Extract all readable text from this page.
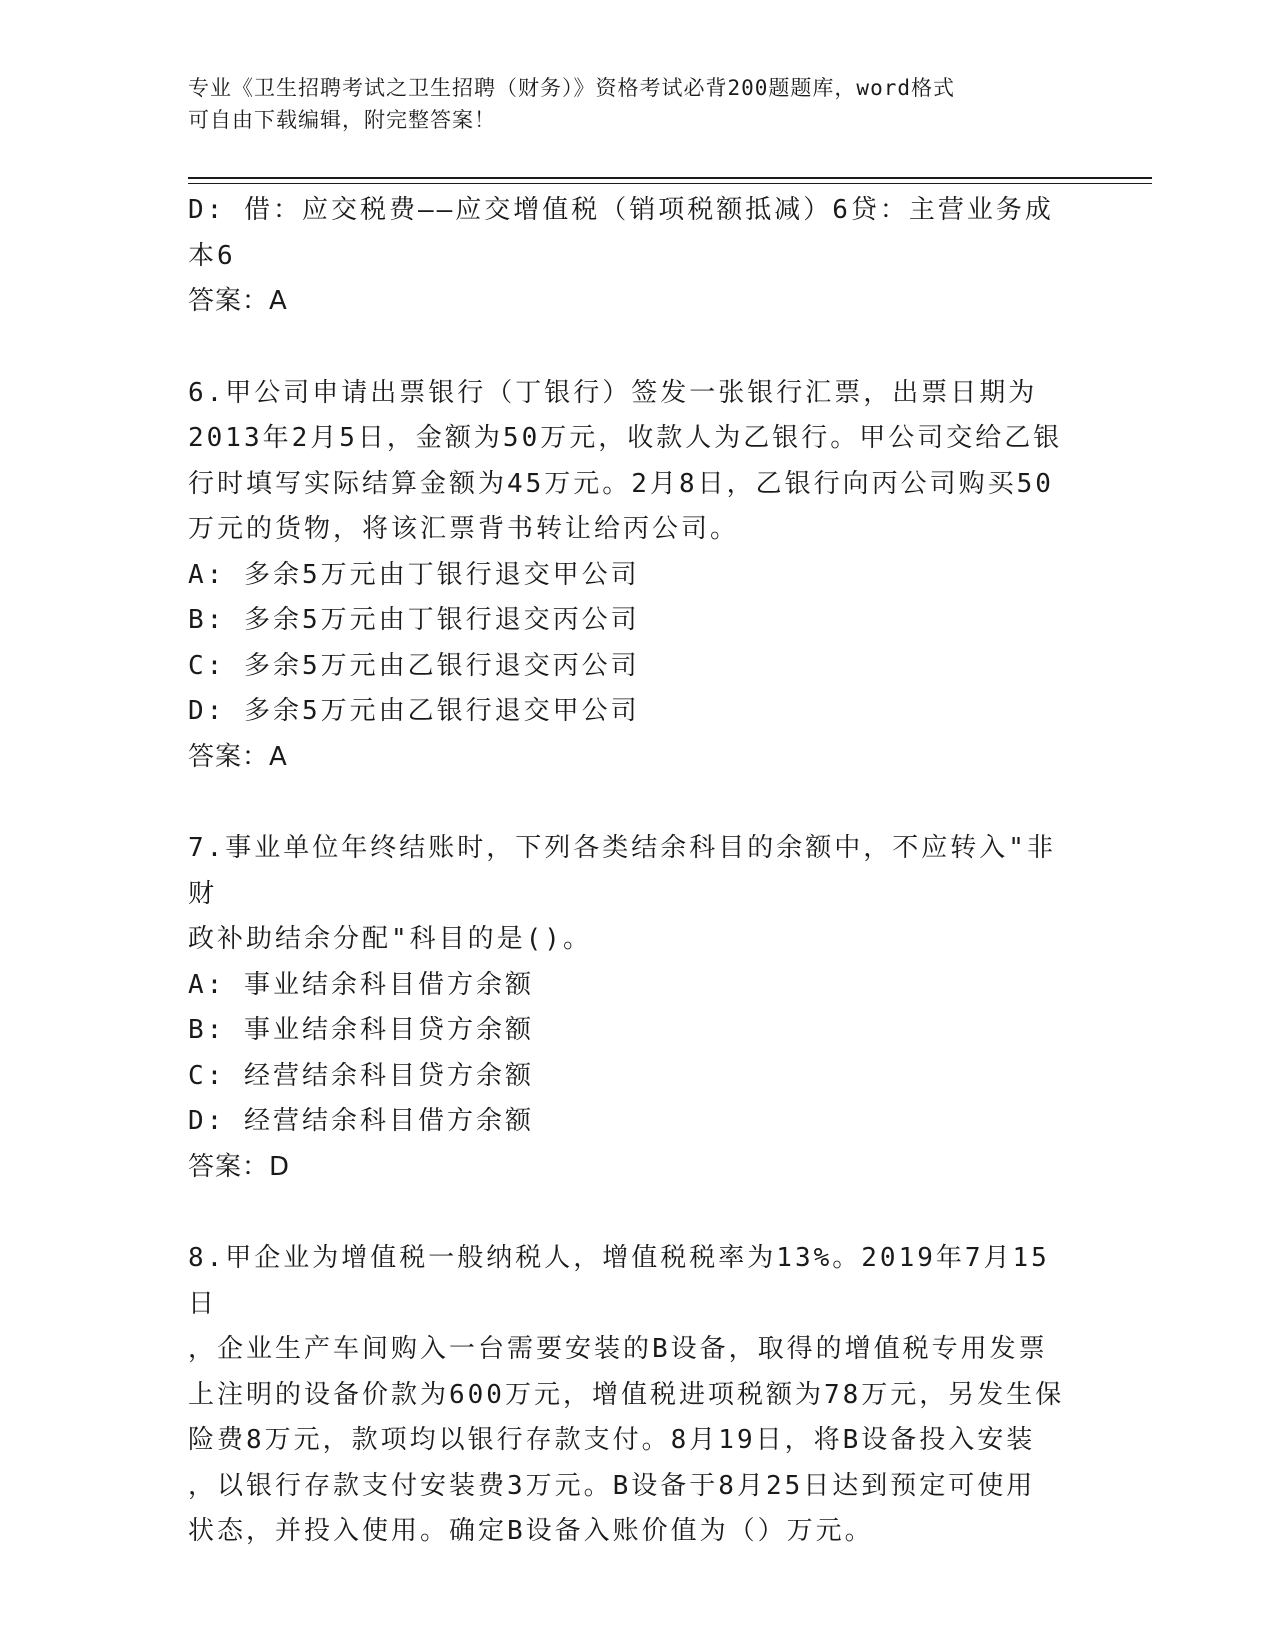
专业《卫生招聘考试之卫生招聘（财务）》资格考试必背200题题库，word格式
可自由下载编辑，附完整答案！

D: 借：应交税费——应交增值税（销项税额抵减）6贷：主营业务成

本6

答案：A

6.甲公司申请出票银行（丁银行）签发一张银行汇票，出票日期为

2013年2月5日，金额为50万元，收款人为乙银行。甲公司交给乙银

行时填写实际结算金额为45万元。2月8日，乙银行向丙公司购买50

万元的货物，将该汇票背书转让给丙公司。

A: 多余5万元由丁银行退交甲公司

B: 多余5万元由丁银行退交丙公司

C: 多余5万元由乙银行退交丙公司

D: 多余5万元由乙银行退交甲公司

答案：A

7.事业单位年终结账时，下列各类结余科目的余额中，不应转入"非财

政补助结余分配"科目的是()。

A: 事业结余科目借方余额

B: 事业结余科目贷方余额

C: 经营结余科目贷方余额

D: 经营结余科目借方余额

答案：D

8.甲企业为增值税一般纳税人，增值税税率为13%。2019年7月15日

，企业生产车间购入一台需要安装的B设备，取得的增值税专用发票

上注明的设备价款为600万元，增值税进项税额为78万元，另发生保

险费8万元，款项均以银行存款支付。8月19日，将B设备投入安装

，以银行存款支付安装费3万元。B设备于8月25日达到预定可使用

状态，并投入使用。确定B设备入账价值为（）万元。
